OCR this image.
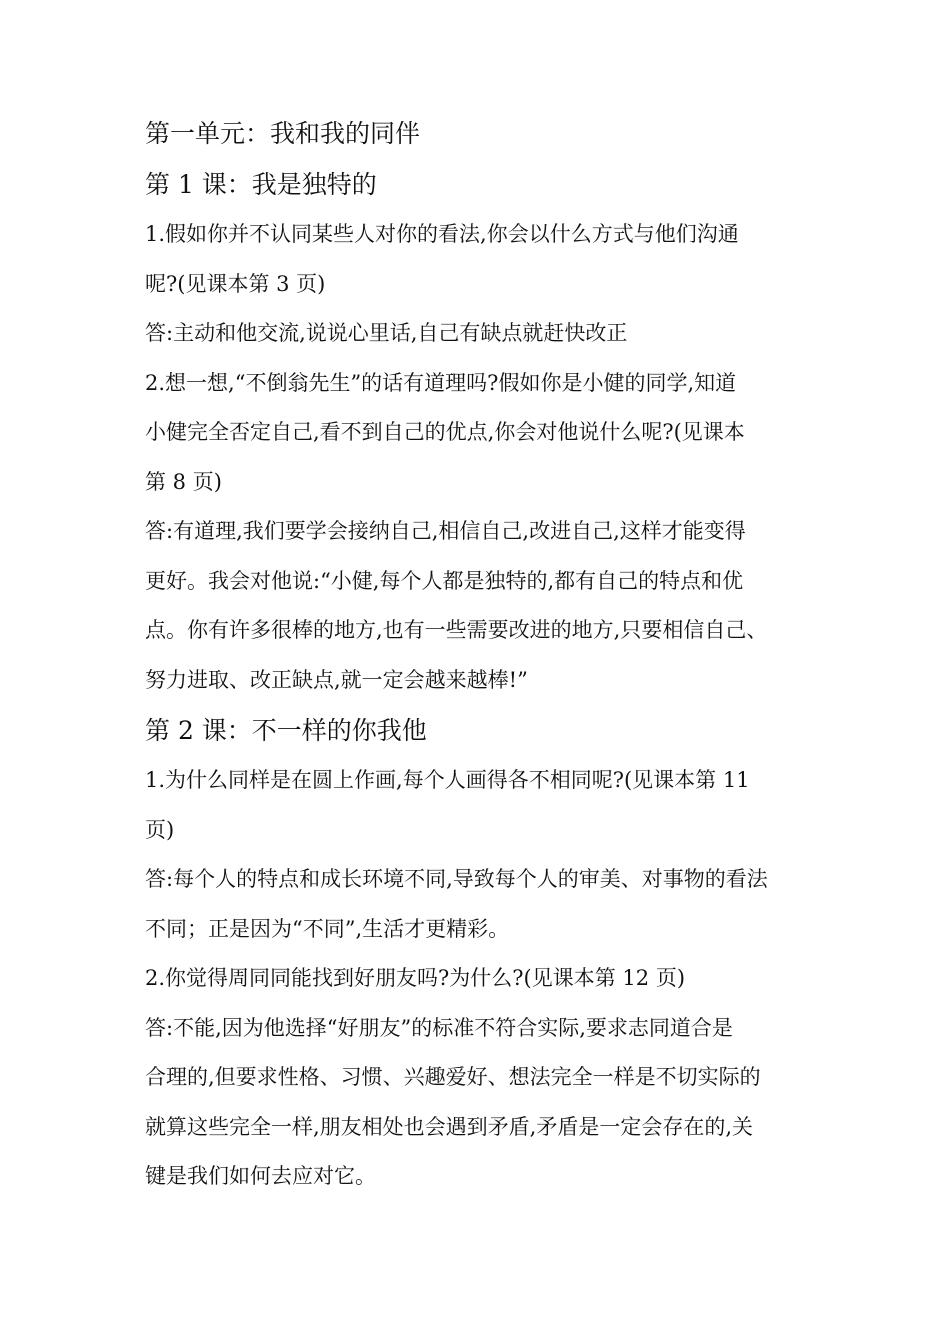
第一单元：我和我的同伴
第 1 课：我是独特的
1.假如你并不认同某些人对你的看法,你会以什么方式与他们沟通
呢?(见课本第 3 页)
答:主动和他交流,说说心里话,自己有缺点就赶快改正
2.想一想,“不倒翁先生”的话有道理吗?假如你是小健的同学,知道
小健完全否定自己,看不到自己的优点,你会对他说什么呢?(见课本
第 8 页)
答:有道理,我们要学会接纳自己,相信自己,改进自己,这样才能变得
更好。我会对他说:“小健,每个人都是独特的,都有自己的特点和优
点。你有许多很棒的地方,也有一些需要改进的地方,只要相信自己、
努力进取、改正缺点,就一定会越来越棒!”
第 2 课：不一样的你我他
1.为什么同样是在圆上作画,每个人画得各不相同呢?(见课本第 11
页)
答:每个人的特点和成长环境不同,导致每个人的审美、对事物的看法
不同；正是因为“不同”,生活才更精彩。
2.你觉得周同同能找到好朋友吗?为什么?(见课本第 12 页)
答:不能,因为他选择“好朋友”的标准不符合实际,要求志同道合是
合理的,但要求性格、习惯、兴趣爱好、想法完全一样是不切实际的
就算这些完全一样,朋友相处也会遇到矛盾,矛盾是一定会存在的,关
键是我们如何去应对它。
